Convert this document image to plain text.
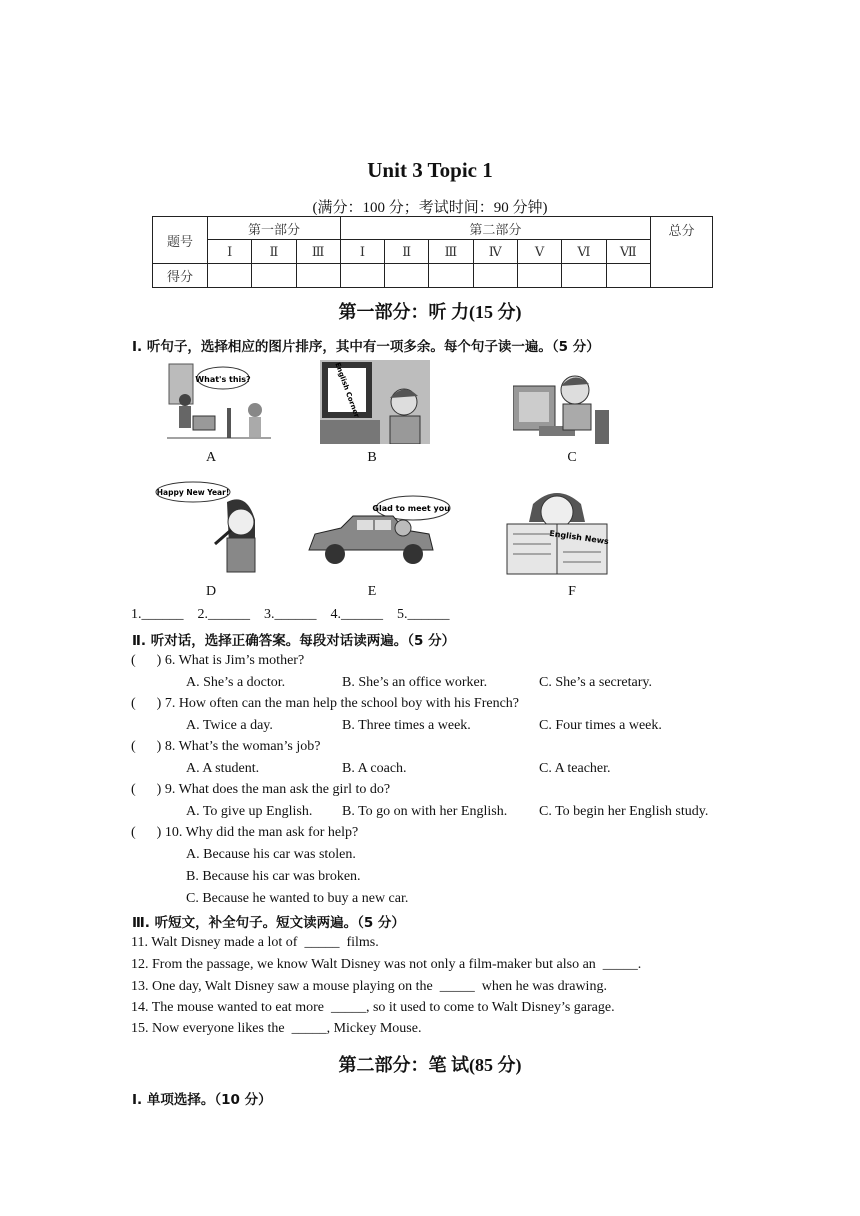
Unit 3 Topic 1
(满分：100 分；考试时间：90 分钟)
题号	第一部分			第二部分							总分
	Ⅰ	Ⅱ	Ⅲ	Ⅰ	Ⅱ	Ⅲ	Ⅳ	Ⅴ	Ⅵ	Ⅶ	
得分											
第一部分：听 力(15 分)
Ⅰ. 听句子，选择相应的图片排序，其中有一项多余。每个句子读一遍。（5 分）
What's this?
A
English Corner
B	C
Happy New Year!
D
Glad to meet you!
E
English News
F
1.______    2.______    3.______    4.______    5.______
Ⅱ. 听对话，选择正确答案。每段对话读两遍。（5 分）
(      ) 6. What is Jim’s mother?
A. She’s a doctor.	B. She’s an office worker.	C. She’s a secretary.
(      ) 7. How often can the man help the school boy with his French?
A. Twice a day.	B. Three times a week.	C. Four times a week.
(      ) 8. What’s the woman’s job?
A. A student.	B. A coach.	C. A teacher.
(      ) 9. What does the man ask the girl to do?
A. To give up English. B. To go on with her English. C. To begin her English study.
(      ) 10. Why did the man ask for help?
A. Because his car was stolen.
B. Because his car was broken.
C. Because he wanted to buy a new car.
Ⅲ. 听短文，补全句子。短文读两遍。（5 分）
11. Walt Disney made a lot of  _____  films.
12. From the passage, we know Walt Disney was not only a film-maker but also an  _____.
13. One day, Walt Disney saw a mouse playing on the  _____  when he was drawing.
14. The mouse wanted to eat more  _____, so it used to come to Walt Disney’s garage.
15. Now everyone likes the  _____, Mickey Mouse.
第二部分：笔 试(85 分)
Ⅰ. 单项选择。（10 分）
